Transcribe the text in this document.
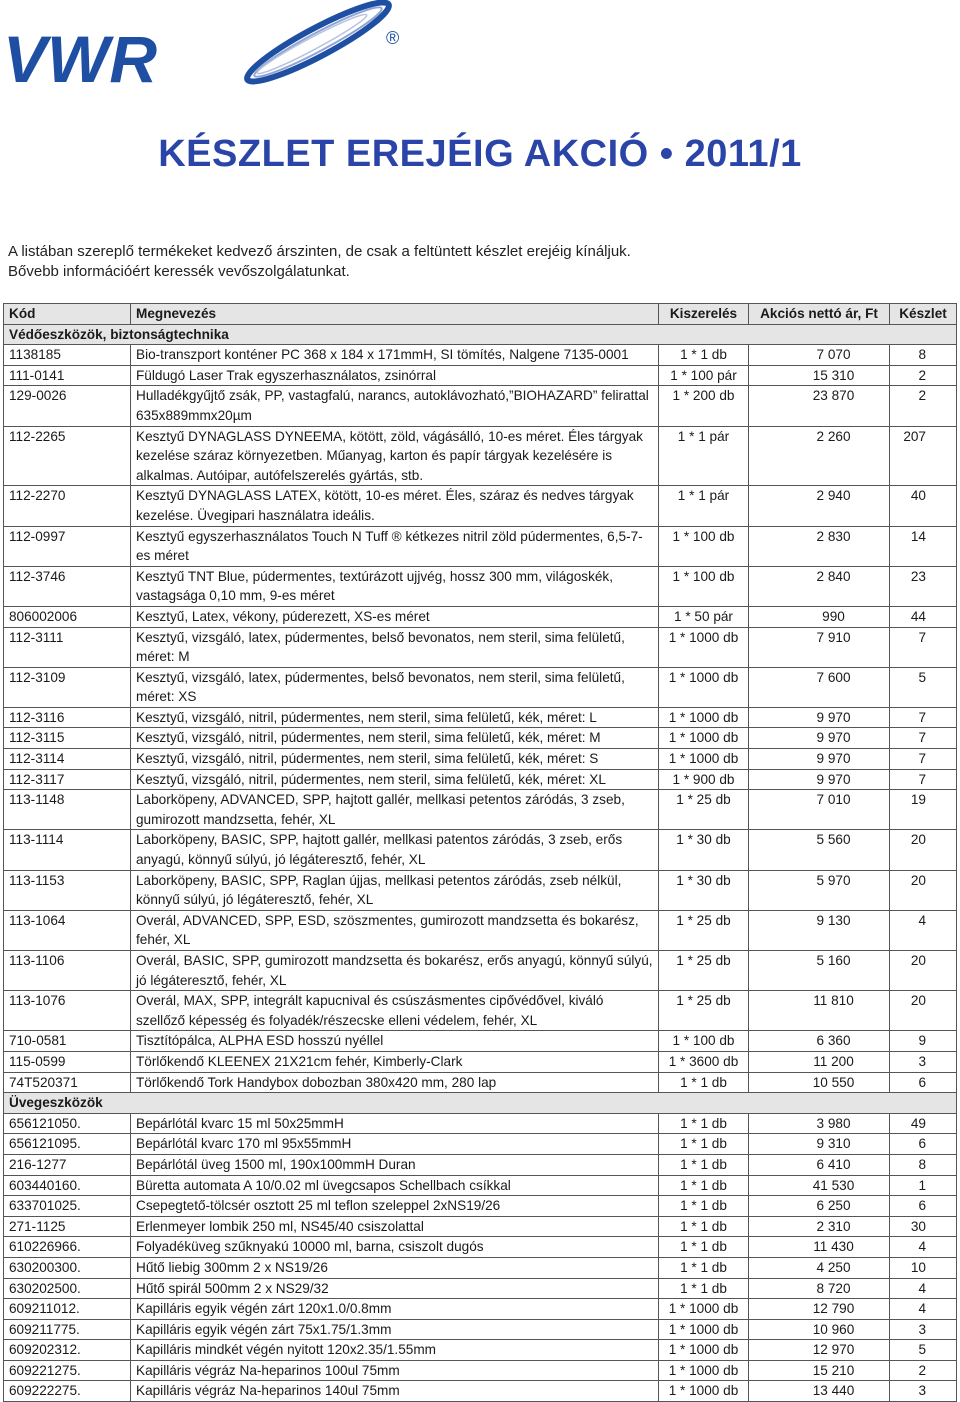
VWR	®
KÉSZLET EREJÉIG AKCIÓ • 2011/1
A listában szereplő termékeket kedvező árszinten, de csak a feltüntett készlet erejéig kínáljuk.
Bővebb információért keressék vevőszolgálatunkat.
Kód	Megnevezés	Kiszerelés	Akciós nettó ár, Ft	Készlet
Védőeszközök, biztonságtechnika				
1138185	Bio-transzport konténer PC 368 x 184 x 171mmH, SI tömítés, Nalgene 7135-0001	1 * 1 db	7 070	8
111-0141	Füldugó Laser Trak egyszerhasználatos, zsinórral	1 * 100 pár	15 310	2
129-0026	Hulladékgyűjtő zsák, PP, vastagfalú, narancs, autoklávozható,”BIOHAZARD” felirattal 635x889mmx20µm	1 * 200 db	23 870	2
112-2265	Kesztyű DYNAGLASS DYNEEMA, kötött, zöld, vágásálló, 10-es méret. Éles tárgyak kezelése száraz környezetben. Műanyag, karton és papír tárgyak kezelésére is alkalmas. Autóipar, autófelszerelés gyártás, stb.	1 * 1 pár	2 260	207
112-2270	Kesztyű DYNAGLASS LATEX, kötött, 10-es méret. Éles, száraz és nedves tárgyak kezelése. Üvegipari használatra ideális.	1 * 1 pár	2 940	40
112-0997	Kesztyű egyszerhasználatos Touch N Tuff ® kétkezes nitril zöld púdermentes, 6,5-7-es méret	1 * 100 db	2 830	14
112-3746	Kesztyű TNT Blue, púdermentes, textúrázott ujjvég, hossz 300 mm, világoskék, vastagsága 0,10 mm, 9-es méret	1 * 100 db	2 840	23
806002006	Kesztyű, Latex, vékony, púderezett, XS-es méret	1 * 50 pár	990	44
112-3111	Kesztyű, vizsgáló, latex, púdermentes, belső bevonatos, nem steril, sima felületű, méret: M	1 * 1000 db	7 910	7
112-3109	Kesztyű, vizsgáló, latex, púdermentes, belső bevonatos, nem steril, sima felületű, méret: XS	1 * 1000 db	7 600	5
112-3116	Kesztyű, vizsgáló, nitril, púdermentes, nem steril, sima felületű, kék, méret: L	1 * 1000 db	9 970	7
112-3115	Kesztyű, vizsgáló, nitril, púdermentes, nem steril, sima felületű, kék, méret: M	1 * 1000 db	9 970	7
112-3114	Kesztyű, vizsgáló, nitril, púdermentes, nem steril, sima felületű, kék, méret: S	1 * 1000 db	9 970	7
112-3117	Kesztyű, vizsgáló, nitril, púdermentes, nem steril, sima felületű, kék, méret: XL	1 * 900 db	9 970	7
113-1148	Laborköpeny, ADVANCED, SPP, hajtott gallér, mellkasi petentos záródás, 3 zseb, gumirozott mandzsetta, fehér, XL	1 * 25 db	7 010	19
113-1114	Laborköpeny, BASIC, SPP, hajtott gallér, mellkasi patentos záródás, 3 zseb, erős anyagú, könnyű súlyú, jó légáteresztő, fehér, XL	1 * 30 db	5 560	20
113-1153	Laborköpeny, BASIC, SPP, Raglan újjas, mellkasi petentos záródás, zseb nélkül, könnyű súlyú, jó légáteresztő, fehér, XL	1 * 30 db	5 970	20
113-1064	Overál, ADVANCED, SPP, ESD, szöszmentes, gumirozott mandzsetta és bokarész, fehér, XL	1 * 25 db	9 130	4
113-1106	Overál, BASIC, SPP, gumirozott mandzsetta és bokarész, erős anyagú, könnyű súlyú, jó légáteresztő, fehér, XL	1 * 25 db	5 160	20
113-1076	Overál, MAX, SPP, integrált kapucnival és csúszásmentes cipővédővel, kiváló szellőző képesség és folyadék/részecske elleni védelem, fehér, XL	1 * 25 db	11 810	20
710-0581	Tisztítópálca, ALPHA ESD hosszú nyéllel	1 * 100 db	6 360	9
115-0599	Törlőkendő KLEENEX 21X21cm fehér, Kimberly-Clark	1 * 3600 db	11 200	3
74T520371	Törlőkendő Tork Handybox dobozban 380x420 mm, 280 lap	1 * 1 db	10 550	6
Üvegeszközök				
656121050.	Bepárlótál kvarc 15 ml 50x25mmH	1 * 1 db	3 980	49
656121095.	Bepárlótál kvarc 170 ml 95x55mmH	1 * 1 db	9 310	6
216-1277	Bepárlótál üveg 1500 ml, 190x100mmH Duran	1 * 1 db	6 410	8
603440160.	Büretta automata A 10/0.02 ml üvegcsapos Schellbach csíkkal	1 * 1 db	41 530	1
633701025.	Csepegtető-tölcsér osztott 25 ml teflon szeleppel 2xNS19/26	1 * 1 db	6 250	6
271-1125	Erlenmeyer lombik 250 ml, NS45/40 csiszolattal	1 * 1 db	2 310	30
610226966.	Folyadéküveg szűknyakú 10000 ml, barna, csiszolt dugós	1 * 1 db	11 430	4
630200300.	Hűtő liebig 300mm 2 x NS19/26	1 * 1 db	4 250	10
630202500.	Hűtő spirál 500mm 2 x NS29/32	1 * 1 db	8 720	4
609211012.	Kapilláris egyik végén zárt 120x1.0/0.8mm	1 * 1000 db	12 790	4
609211775.	Kapilláris egyik végén zárt 75x1.75/1.3mm	1 * 1000 db	10 960	3
609202312.	Kapilláris mindkét végén nyitott 120x2.35/1.55mm	1 * 1000 db	12 970	5
609221275.	Kapilláris végráz Na-heparinos 100ul 75mm	1 * 1000 db	15 210	2
609222275.	Kapilláris végráz Na-heparinos 140ul 75mm	1 * 1000 db	13 440	3
